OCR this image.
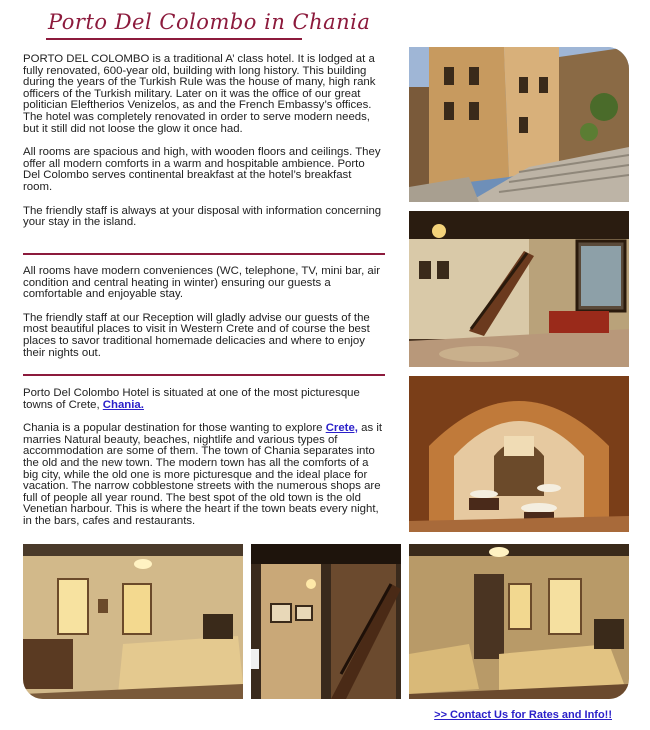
Porto Del Colombo in Chania

PORTO DEL COLOMBO is a traditional A’ class hotel. It is lodged at a fully renovated, 600-year old, building with long history. This building during the years of the Turkish Rule was the house of many, high rank officers of the Turkish military. Later on it was the office of our great politician Eleftherios Venizelos, as and the French Embassy’s offices. The hotel was completely renovated in order to serve modern needs, but it still did not loose the glow it once had.

All rooms are spacious and high, with wooden floors and ceilings. They offer all modern comforts in a warm and hospitable ambience. Porto Del Colombo serves continental breakfast at the hotel’s breakfast room.

The friendly staff is always at your disposal with information concerning your stay in the island.

All rooms have modern conveniences (WC, telephone, TV, mini bar, air condition and central heating in winter) ensuring our guests a comfortable and enjoyable stay.

The friendly staff at our Reception will gladly advise our guests of the most beautiful places to visit in Western Crete and of course the best places to savor traditional homemade delicacies and where to enjoy their nights out.

Porto Del Colombo Hotel is situated at one of the most picturesque towns of Crete, Chania.

Chania is a popular destination for those wanting to explore Crete, as it marries Natural beauty, beaches, nightlife and various types of accommodation are some of them. The town of Chania separates into the old and the new town. The modern town has all the comforts of a big city, while the old one is more picturesque and the ideal place for vacation. The narrow cobblestone streets with the numerous shops are full of people all year round. The best spot of the old town is the old Venetian harbour. This is where the heart if the town beats every night, in the bars, cafes and restaurants.

>> Contact Us for Rates and Info!!
